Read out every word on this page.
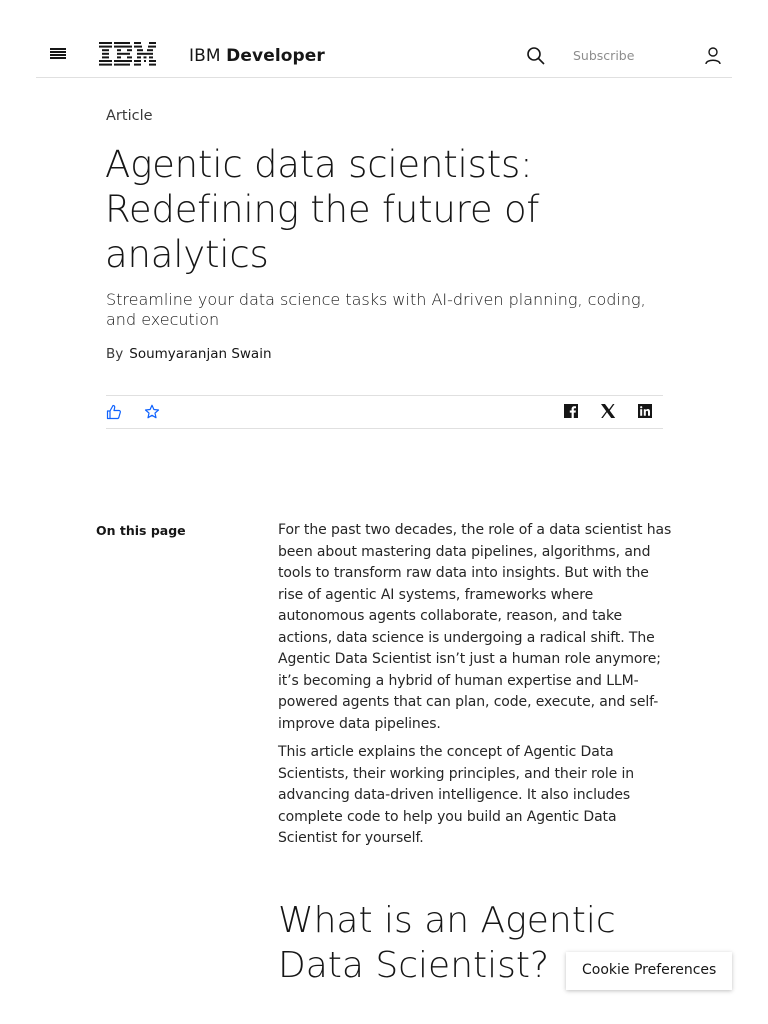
IBM Developer	Subscribe
Article
Agentic data scientists: Redefining the future of analytics

Streamline your data science tasks with AI-driven planning, coding, and execution

By Soumyaranjan Swain
On this page	For the past two decades, the role of a data scientist has been about mastering data pipelines, algorithms, and tools to transform raw data into insights. But with the rise of agentic AI systems, frameworks where autonomous agents collaborate, reason, and take actions, data science is undergoing a radical shift. The Agentic Data Scientist isn’t just a human role anymore; it’s becoming a hybrid of human expertise and LLM-powered agents that can plan, code, execute, and self-improve data pipelines.

This article explains the concept of Agentic Data Scientists, their working principles, and their role in advancing data-driven intelligence. It also includes complete code to help you build an Agentic Data Scientist for yourself.

What is an Agentic Data Scientist?	Cookie Preferences
